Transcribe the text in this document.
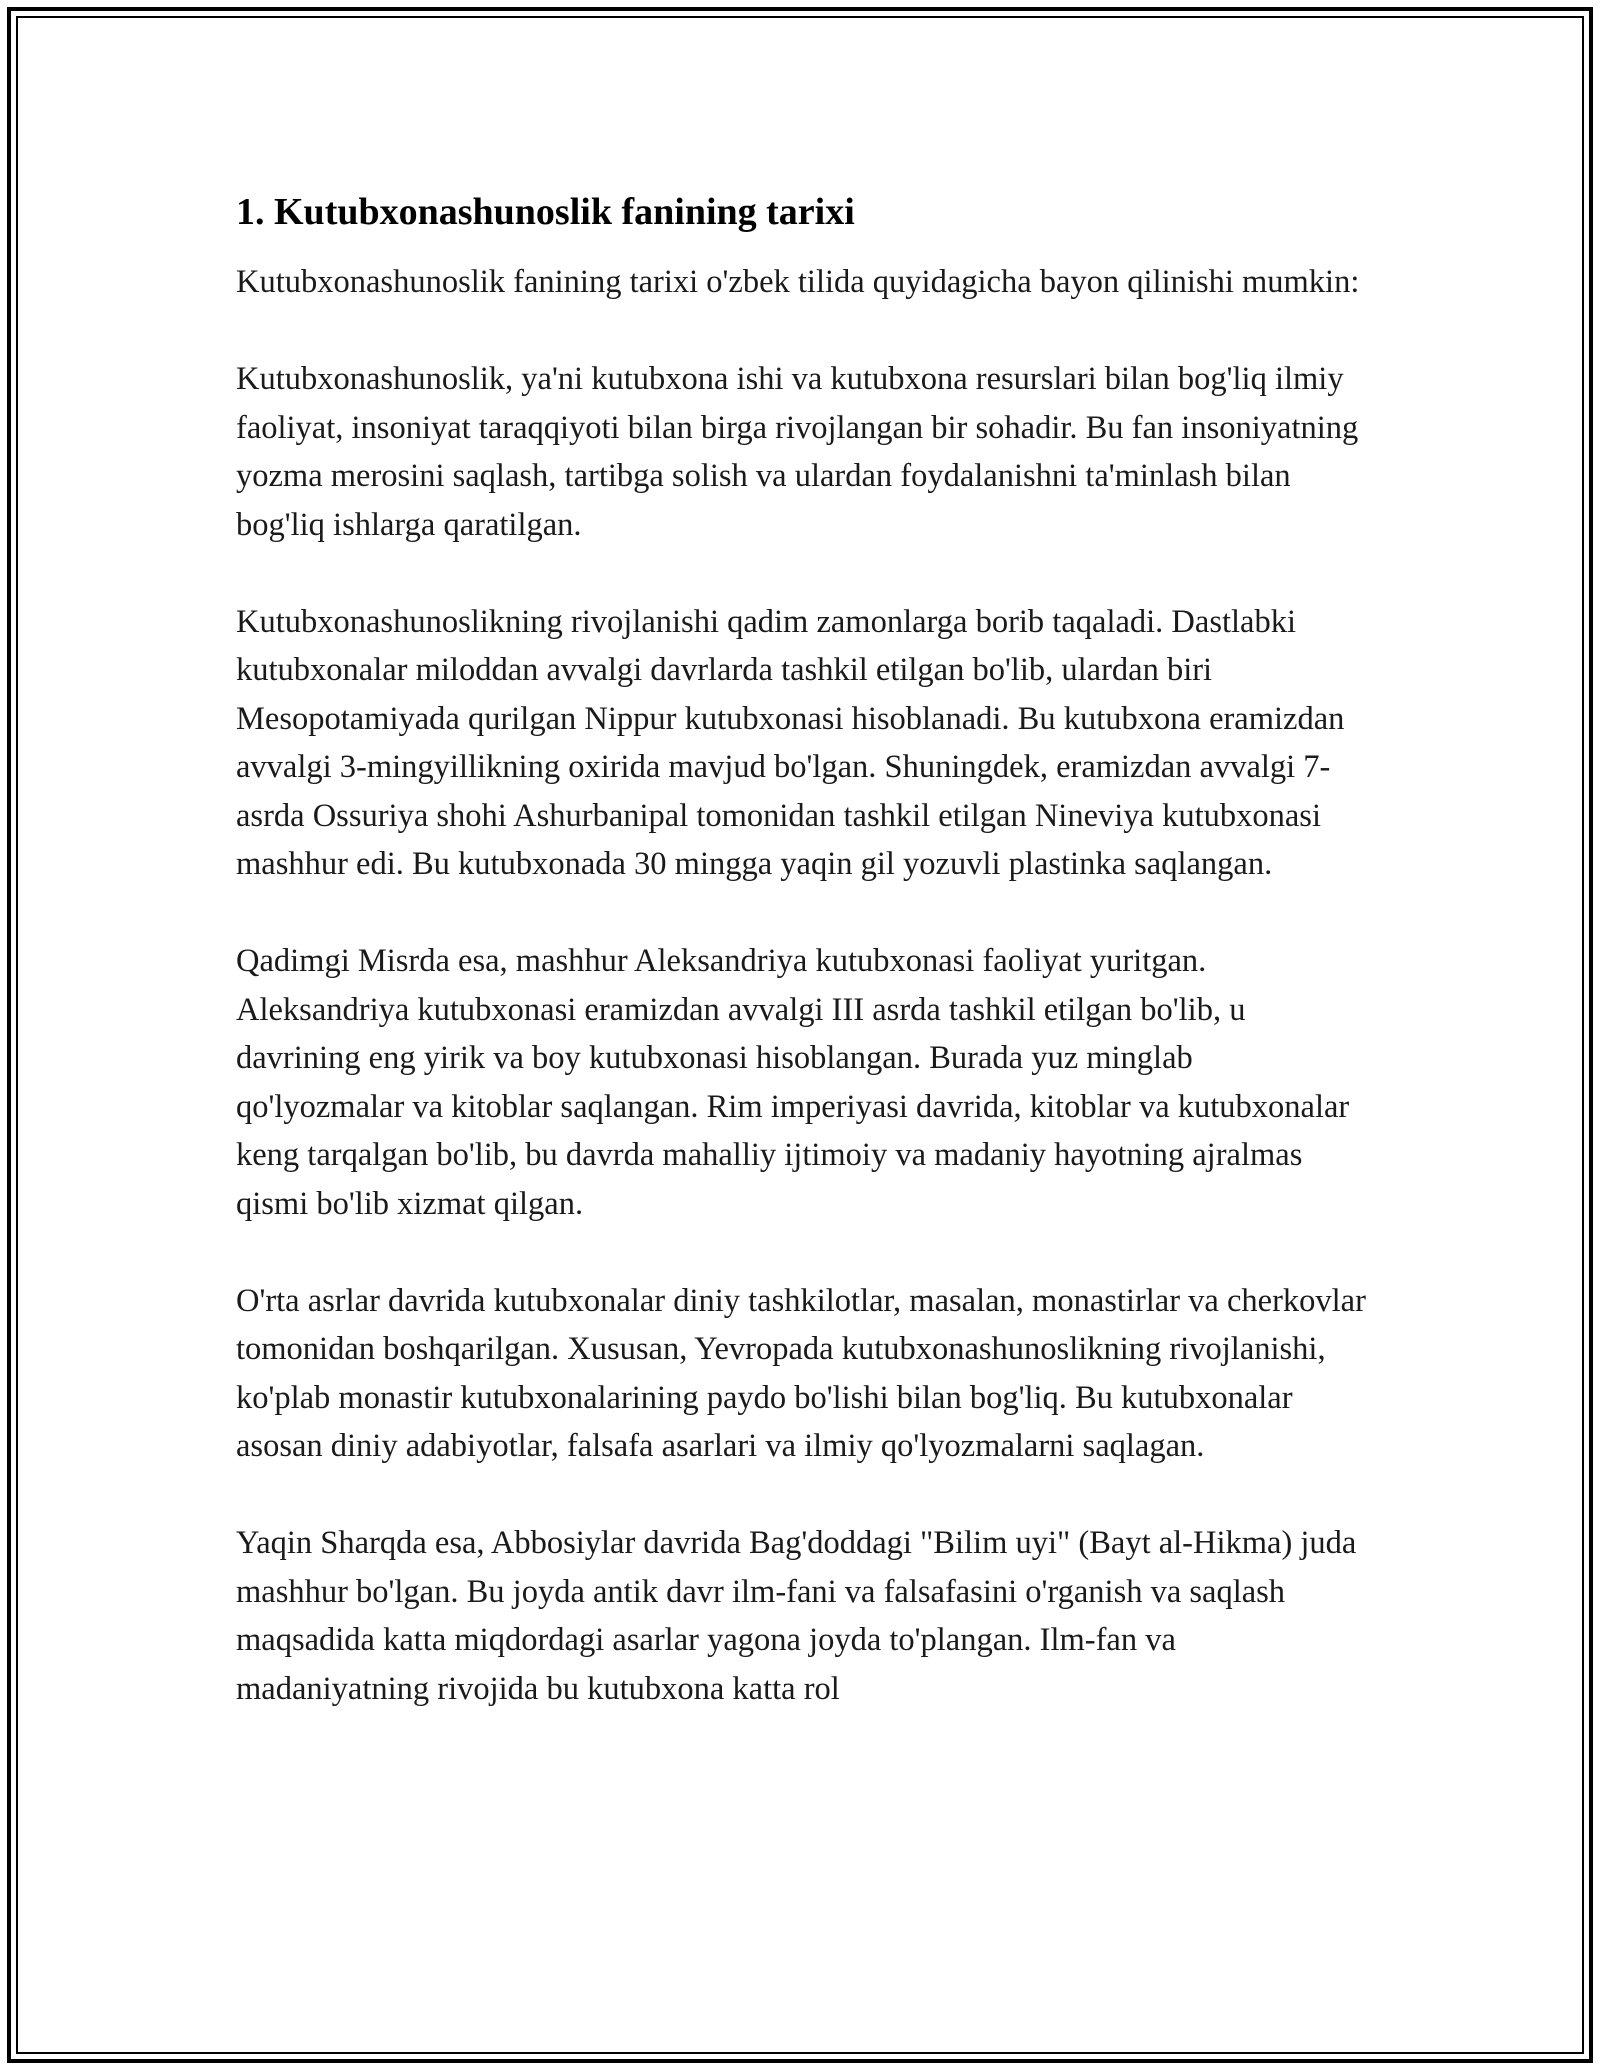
1. Kutubxonashunoslik fanining tarixi

Kutubxonashunoslik fanining tarixi o'zbek tilida quyidagicha bayon qilinishi mumkin:

Kutubxonashunoslik, ya'ni kutubxona ishi va kutubxona resurslari bilan bog'liq ilmiy faoliyat, insoniyat taraqqiyoti bilan birga rivojlangan bir sohadir. Bu fan insoniyatning yozma merosini saqlash, tartibga solish va ulardan foydalanishni ta'minlash bilan bog'liq ishlarga qaratilgan.

Kutubxonashunoslikning rivojlanishi qadim zamonlarga borib taqaladi. Dastlabki kutubxonalar miloddan avvalgi davrlarda tashkil etilgan bo'lib, ulardan biri Mesopotamiyada qurilgan Nippur kutubxonasi hisoblanadi. Bu kutubxona eramizdan avvalgi 3-mingyillikning oxirida mavjud bo'lgan. Shuningdek, eramizdan avvalgi 7-asrda Ossuriya shohi Ashurbanipal tomonidan tashkil etilgan Nineviya kutubxonasi mashhur edi. Bu kutubxonada 30 mingga yaqin gil yozuvli plastinka saqlangan.

Qadimgi Misrda esa, mashhur Aleksandriya kutubxonasi faoliyat yuritgan. Aleksandriya kutubxonasi eramizdan avvalgi III asrda tashkil etilgan bo'lib, u davrining eng yirik va boy kutubxonasi hisoblangan. Burada yuz minglab qo'lyozmalar va kitoblar saqlangan. Rim imperiyasi davrida, kitoblar va kutubxonalar keng tarqalgan bo'lib, bu davrda mahalliy ijtimoiy va madaniy hayotning ajralmas qismi bo'lib xizmat qilgan.

O'rta asrlar davrida kutubxonalar diniy tashkilotlar, masalan, monastirlar va cherkovlar tomonidan boshqarilgan. Xususan, Yevropada kutubxonashunoslikning rivojlanishi, ko'plab monastir kutubxonalarining paydo bo'lishi bilan bog'liq. Bu kutubxonalar asosan diniy adabiyotlar, falsafa asarlari va ilmiy qo'lyozmalarni saqlagan.

Yaqin Sharqda esa, Abbosiylar davrida Bag'doddagi "Bilim uyi" (Bayt al-Hikma) juda mashhur bo'lgan. Bu joyda antik davr ilm-fani va falsafasini o'rganish va saqlash maqsadida katta miqdordagi asarlar yagona joyda to'plangan. Ilm-fan va madaniyatning rivojida bu kutubxona katta rol
